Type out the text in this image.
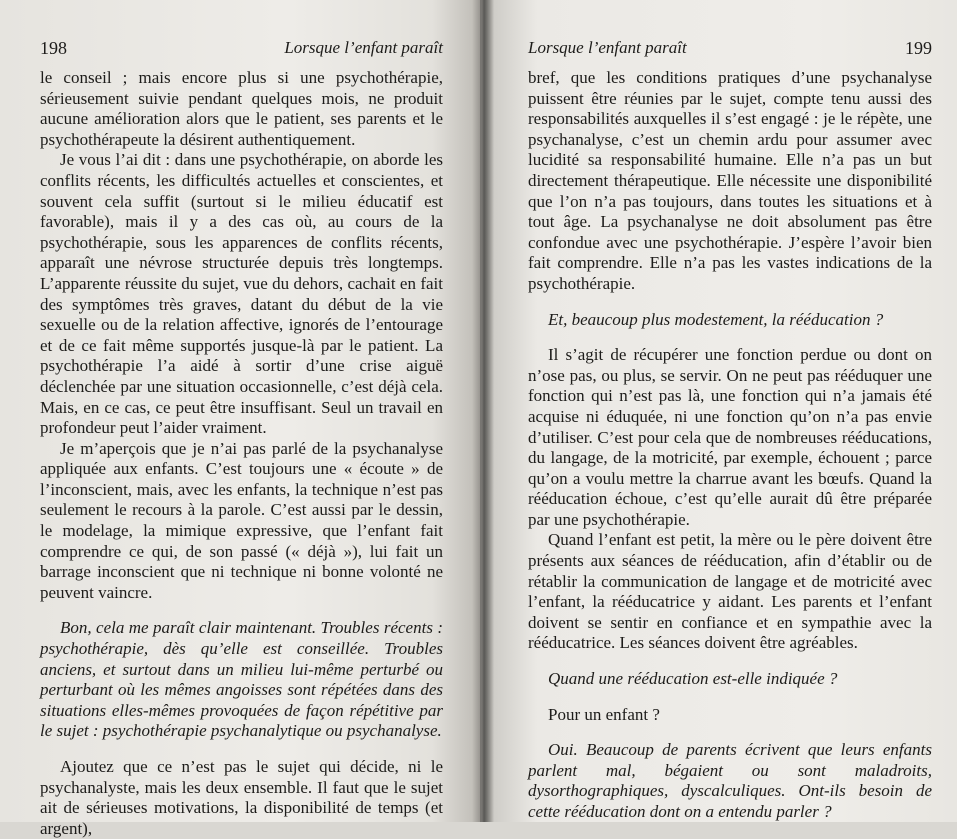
198	Lorsque l’enfant paraît

le conseil ; mais encore plus si une psychothérapie, sérieusement suivie pendant quelques mois, ne produit aucune amélioration alors que le patient, ses parents et le psychothérapeute la désirent authentiquement.

Je vous l’ai dit : dans une psychothérapie, on aborde les conflits récents, les difficultés actuelles et conscientes, et souvent cela suffit (surtout si le milieu éducatif est favorable), mais il y a des cas où, au cours de la psychothérapie, sous les apparences de conflits récents, apparaît une névrose structurée depuis très longtemps. L’apparente réussite du sujet, vue du dehors, cachait en fait des symptômes très graves, datant du début de la vie sexuelle ou de la relation affective, ignorés de l’entourage et de ce fait même supportés jusque-là par le patient. La psychothérapie l’a aidé à sortir d’une crise aiguë déclenchée par une situation occasionnelle, c’est déjà cela. Mais, en ce cas, ce peut être insuffisant. Seul un travail en profondeur peut l’aider vraiment.

Je m’aperçois que je n’ai pas parlé de la psychanalyse appliquée aux enfants. C’est toujours une « écoute » de l’inconscient, mais, avec les enfants, la technique n’est pas seulement le recours à la parole. C’est aussi par le dessin, le modelage, la mimique expressive, que l’enfant fait comprendre ce qui, de son passé (« déjà »), lui fait un barrage inconscient que ni technique ni bonne volonté ne peuvent vaincre.

Bon, cela me paraît clair maintenant. Troubles récents : psychothérapie, dès qu’elle est conseillée. Troubles anciens, et surtout dans un milieu lui-même perturbé ou perturbant où les mêmes angoisses sont répétées dans des situations elles-mêmes provoquées de façon répétitive par le sujet : psychothérapie psychanalytique ou psychanalyse.

Ajoutez que ce n’est pas le sujet qui décide, ni le psychanalyste, mais les deux ensemble. Il faut que le sujet ait de sérieuses motivations, la disponibilité de temps (et argent),

Lorsque l’enfant paraît	199

bref, que les conditions pratiques d’une psychanalyse puissent être réunies par le sujet, compte tenu aussi des responsabilités auxquelles il s’est engagé : je le répète, une psychanalyse, c’est un chemin ardu pour assumer avec lucidité sa responsabilité humaine. Elle n’a pas un but directement thérapeutique. Elle nécessite une disponibilité que l’on n’a pas toujours, dans toutes les situations et à tout âge. La psychanalyse ne doit absolument pas être confondue avec une psychothérapie. J’espère l’avoir bien fait comprendre. Elle n’a pas les vastes indications de la psychothérapie.

Et, beaucoup plus modestement, la rééducation ?

Il s’agit de récupérer une fonction perdue ou dont on n’ose pas, ou plus, se servir. On ne peut pas rééduquer une fonction qui n’est pas là, une fonction qui n’a jamais été acquise ni éduquée, ni une fonction qu’on n’a pas envie d’utiliser. C’est pour cela que de nombreuses rééducations, du langage, de la motricité, par exemple, échouent ; parce qu’on a voulu mettre la charrue avant les bœufs. Quand la rééducation échoue, c’est qu’elle aurait dû être préparée par une psychothérapie.

Quand l’enfant est petit, la mère ou le père doivent être présents aux séances de rééducation, afin d’établir ou de rétablir la communication de langage et de motricité avec l’enfant, la rééducatrice y aidant. Les parents et l’enfant doivent se sentir en confiance et en sympathie avec la rééducatrice. Les séances doivent être agréables.

Quand une rééducation est-elle indiquée ?

Pour un enfant ?

Oui. Beaucoup de parents écrivent que leurs enfants parlent mal, bégaient ou sont maladroits, dysorthographiques, dyscalculiques. Ont-ils besoin de cette rééducation dont on a entendu parler ?
